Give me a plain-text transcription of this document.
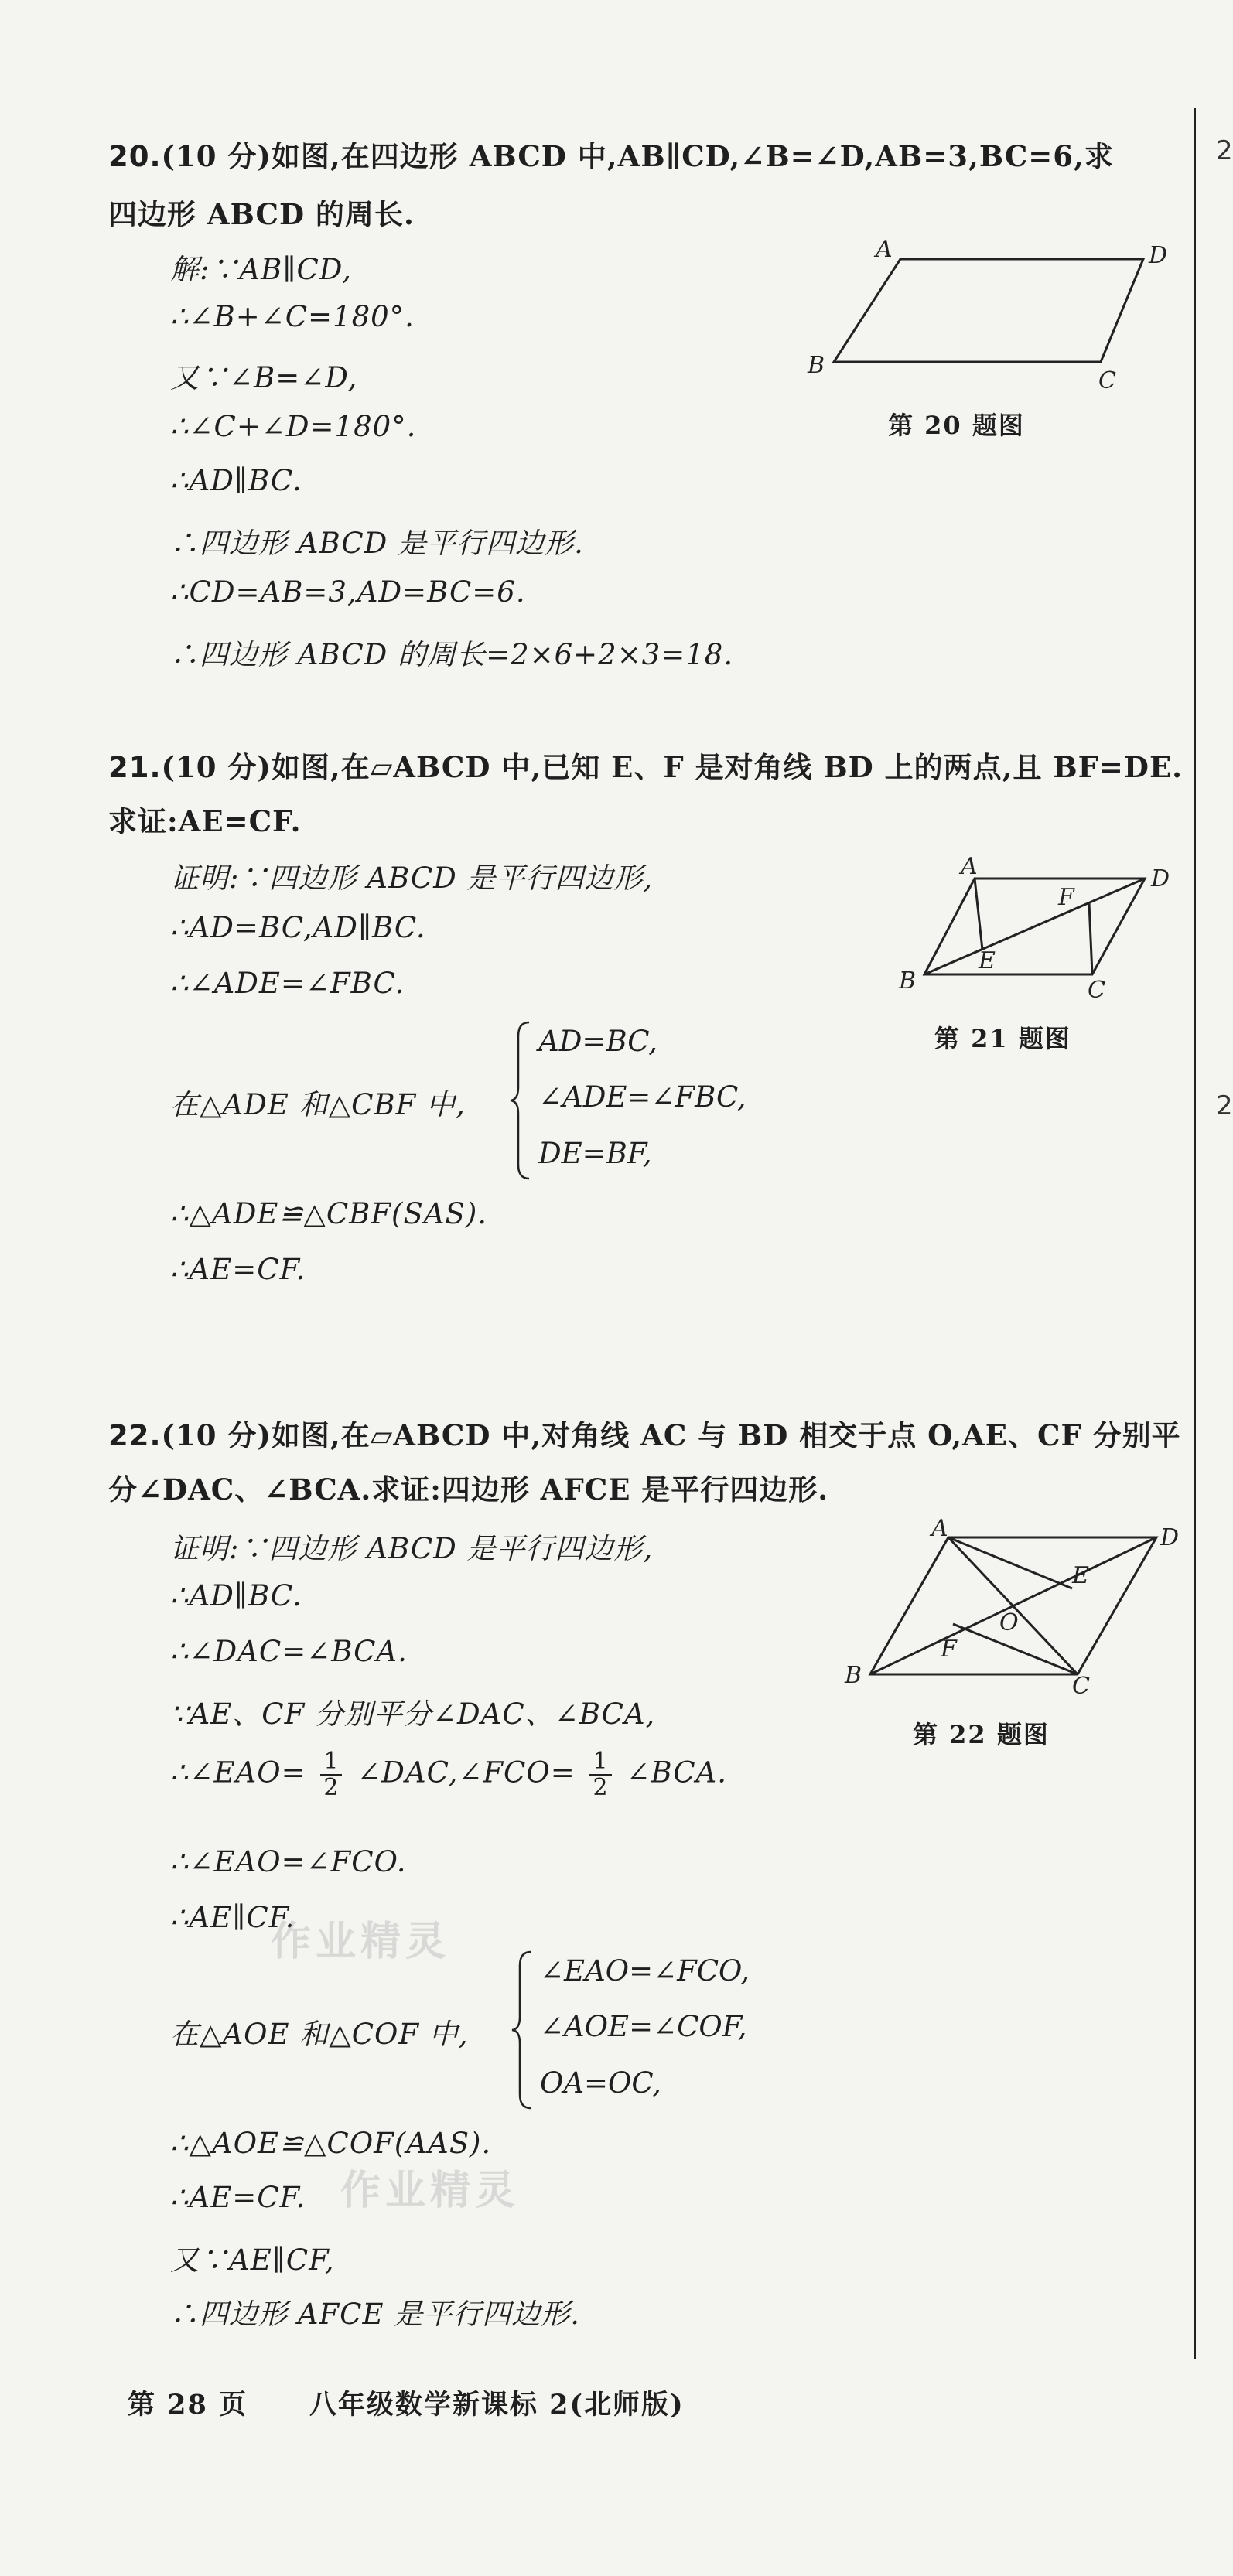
2
2
20.(10 分)如图,在四边形 ABCD 中,AB∥CD,∠B=∠D,AB=3,BC=6,求
四边形 ABCD 的周长.
解:∵AB∥CD,
∴∠B+∠C=180°.
又∵∠B=∠D,
∴∠C+∠D=180°.
∴AD∥BC.
∴四边形 ABCD 是平行四边形.
∴CD=AB=3,AD=BC=6.
∴四边形 ABCD 的周长=2×6+2×3=18.
A	D
B
C
第 20 题图
21.(10 分)如图,在▱ABCD 中,已知 E、F 是对角线 BD 上的两点,且 BF=DE.
求证:AE=CF.
证明:∵四边形 ABCD 是平行四边形,
∴AD=BC,AD∥BC.
∴∠ADE=∠FBC.
在△ADE 和△CBF 中,
AD=BC,
∠ADE=∠FBC,
DE=BF,
∴△ADE≌△CBF(SAS).
∴AE=CF.
A	D
F
E
B	C
第 21 题图
22.(10 分)如图,在▱ABCD 中,对角线 AC 与 BD 相交于点 O,AE、CF 分别平
分∠DAC、∠BCA.求证:四边形 AFCE 是平行四边形.
证明:∵四边形 ABCD 是平行四边形,
∴AD∥BC.
∴∠DAC=∠BCA.
∵AE、CF 分别平分∠DAC、∠BCA,
∴∠EAO= $\frac{1}{2}$ ∠DAC,∠FCO= $\frac{1}{2}$ ∠BCA.
∴∠EAO=∠FCO.
∴AE∥CF.
作业精灵
在△AOE 和△COF 中,
∠EAO=∠FCO,
∠AOE=∠COF,
OA=OC,
∴△AOE≌△COF(AAS).
∴AE=CF. 作业精灵
又∵AE∥CF,
∴四边形 AFCE 是平行四边形.
A	D
E
O
F
B	C
第 22 题图
第 28 页 八年级数学新课标 2(北师版)
